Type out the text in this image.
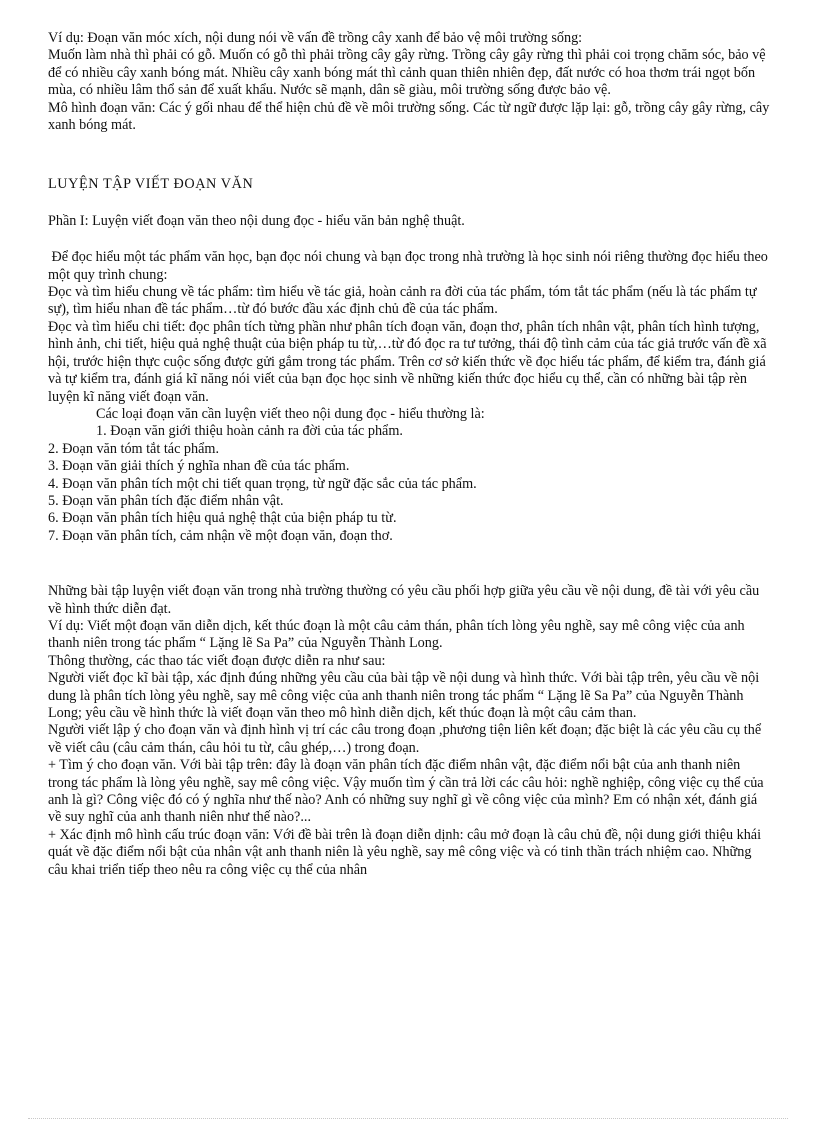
Ví dụ: Đoạn văn móc xích, nội dung nói về vấn đề trồng cây xanh để bảo vệ môi trường sống:

Muốn làm nhà thì phải có gỗ. Muốn có gỗ thì phải trồng cây gây rừng. Trồng cây gây rừng thì phải coi trọng chăm sóc, bảo vệ để có nhiều cây xanh bóng mát. Nhiều cây xanh bóng mát thì cảnh quan thiên nhiên đẹp, đất nước có hoa thơm trái ngọt bốn mùa, có nhiều lâm thổ sản để xuất khẩu. Nước sẽ mạnh, dân sẽ giàu, môi trường sống được bảo vệ.

Mô hình đoạn văn: Các ý gối nhau để thể hiện chủ đề về môi trường sống. Các từ ngữ được lặp lại: gỗ, trồng cây gây rừng, cây xanh bóng mát.

LUYỆN TẬP VIẾT ĐOẠN VĂN

Phần I: Luyện viết đoạn văn theo nội dung đọc - hiểu văn bản nghệ thuật.

Để đọc hiểu một tác phẩm văn học, bạn đọc nói chung và bạn đọc trong nhà trường là học sinh nói riêng thường đọc hiểu theo một quy trình chung:

Đọc và tìm hiểu chung về tác phẩm: tìm hiểu về tác giả, hoàn cảnh ra đời của tác phẩm, tóm tắt tác phẩm (nếu là tác phẩm tự sự), tìm hiểu nhan đề tác phẩm…từ đó bước đầu xác định chủ đề của tác phẩm.

Đọc và tìm hiểu chi tiết: đọc phân tích từng phần như phân tích đoạn văn, đoạn thơ, phân tích nhân vật, phân tích hình tượng, hình ảnh, chi tiết, hiệu quả nghệ thuật của biện pháp tu từ,…từ đó đọc ra tư tưởng, thái độ tình cảm của tác giả trước vấn đề xã hội, trước hiện thực cuộc sống được gửi gắm trong tác phẩm. Trên cơ sở kiến thức về đọc hiểu tác phẩm, để kiểm tra, đánh giá và tự kiểm tra, đánh giá kĩ năng nói viết của bạn đọc học sinh về những kiến thức đọc hiểu cụ thể, cần có những bài tập rèn luyện kĩ năng viết đoạn văn.

Các loại đoạn văn cần luyện viết theo nội dung đọc - hiểu thường là:

1. Đoạn văn giới thiệu hoàn cảnh ra đời của tác phẩm.

2. Đoạn văn tóm tắt tác phẩm.

3. Đoạn văn giải thích ý nghĩa nhan đề của tác phẩm.

4. Đoạn văn phân tích một chi tiết quan trọng, từ ngữ đặc sắc của tác phẩm.

5. Đoạn văn phân tích đặc điểm nhân vật.

6. Đoạn văn phân tích hiệu quả nghệ thật của biện pháp tu từ.

7. Đoạn văn phân tích, cảm nhận về một đoạn văn, đoạn thơ.

Những bài tập luyện viết đoạn văn trong nhà trường thường có yêu cầu phối hợp giữa yêu cầu về nội dung, đề tài với yêu cầu về hình thức diễn đạt.

Ví dụ: Viết một đoạn văn diễn dịch, kết thúc đoạn là một câu cảm thán, phân tích lòng yêu nghề, say mê công việc của anh thanh niên trong tác phẩm “ Lặng lẽ Sa Pa” của Nguyễn Thành Long.

Thông thường, các thao tác viết đoạn được diễn ra như sau:

Người viết đọc kĩ bài tập, xác định đúng những yêu cầu của bài tập về nội dung và hình thức. Với bài tập trên, yêu cầu về nội dung là phân tích lòng yêu nghề, say mê công việc của anh thanh niên trong tác phẩm “ Lặng lẽ Sa Pa” của Nguyễn Thành Long; yêu cầu về hình thức là viết đoạn văn theo mô hình diễn dịch, kết thúc đoạn là một câu cảm than.

Người viết lập ý cho đoạn văn và định hình vị trí các câu trong đoạn ,phương tiện liên kết đoạn; đặc biệt là các yêu cầu cụ thể về viết câu (câu cảm thán, câu hỏi tu từ, câu ghép,…) trong đoạn.

+ Tìm ý cho đoạn văn. Với bài tập trên: đây là đoạn văn phân tích đặc điểm nhân vật, đặc điểm nổi bật của anh thanh niên trong tác phẩm là lòng yêu nghề, say mê công việc. Vậy muốn tìm ý cần trả lời các câu hỏi: nghề nghiệp, công việc cụ thể của anh là gì? Công việc đó có ý nghĩa như thế nào? Anh có những suy nghĩ gì về công việc của mình? Em có nhận xét, đánh giá về suy nghĩ của anh thanh niên như thế nào?...

+ Xác định mô hình cấu trúc đoạn văn: Với đề bài trên là đoạn diễn dịnh: câu mở đoạn là câu chủ đề, nội dung giới thiệu khái quát về đặc điểm nổi bật của nhân vật anh thanh niên là yêu nghề, say mê công việc và có tinh thần trách nhiệm cao. Những câu khai triển tiếp theo nêu ra công việc cụ thể của nhân
